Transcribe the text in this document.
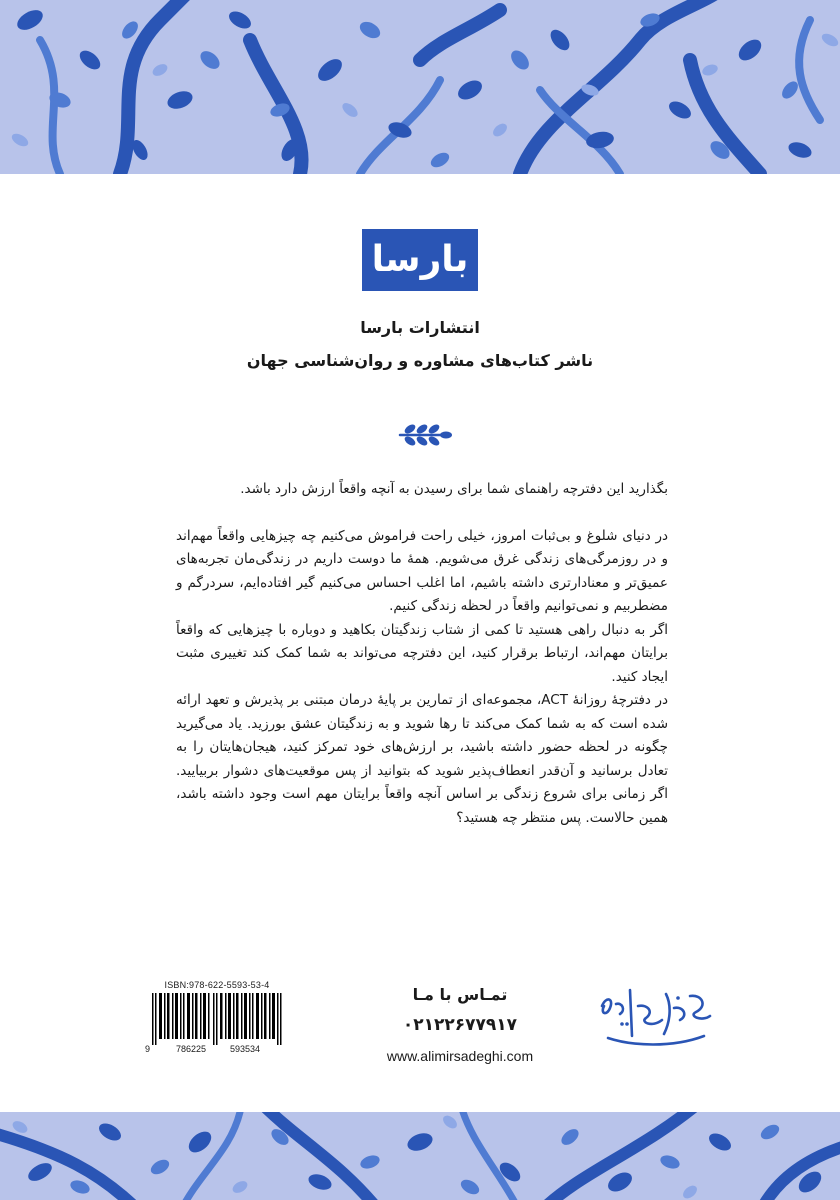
بارسا
انتشارات بارسا
ناشر کتاب‌های مشاوره و روان‌شناسی جهان

بگذارید این دفترچه راهنمای شما برای رسیدن به آنچه واقعاً ارزش دارد باشد.

در دنیای شلوغ و بی‌ثبات امروز، خیلی راحت فراموش می‌کنیم چه چیزهایی واقعاً مهم‌اند و در روزمرگی‌های زندگی غرق می‌شویم. همهٔ ما دوست داریم در زندگی‌مان تجربه‌های عمیق‌تر و معنادارتری داشته باشیم، اما اغلب احساس می‌کنیم گیر افتاده‌ایم، سردرگم و مضطربیم و نمی‌توانیم واقعاً در لحظه زندگی کنیم.

اگر به دنبال راهی هستید تا کمی از شتاب زندگیتان بکاهید و دوباره با چیزهایی که واقعاً برایتان مهم‌اند، ارتباط برقرار کنید، این دفترچه می‌تواند به شما کمک کند تغییری مثبت ایجاد کنید.

در دفترچهٔ روزانهٔ ACT، مجموعه‌ای از تمارین بر پایهٔ درمان مبتنی بر پذیرش و تعهد ارائه شده است که به شما کمک می‌کند تا رها شوید و به زندگیتان عشق بورزید. یاد می‌گیرید چگونه در لحظه حضور داشته باشید، بر ارزش‌های خود تمرکز کنید، هیجان‌هایتان را به تعادل برسانید و آن‌قدر انعطاف‌پذیر شوید که بتوانید از پس موقعیت‌های دشوار بربیایید. اگر زمانی برای شروع زندگی بر اساس آنچه واقعاً برایتان مهم است وجود داشته باشد، همین حالاست. پس منتظر چه هستید؟

ISBN:978-622-5593-53-4
9	786225	593534
تمـاس با مـا
۰۲۱۲۲۶۷۷۹۱۷
www.alimirsadeghi.com
